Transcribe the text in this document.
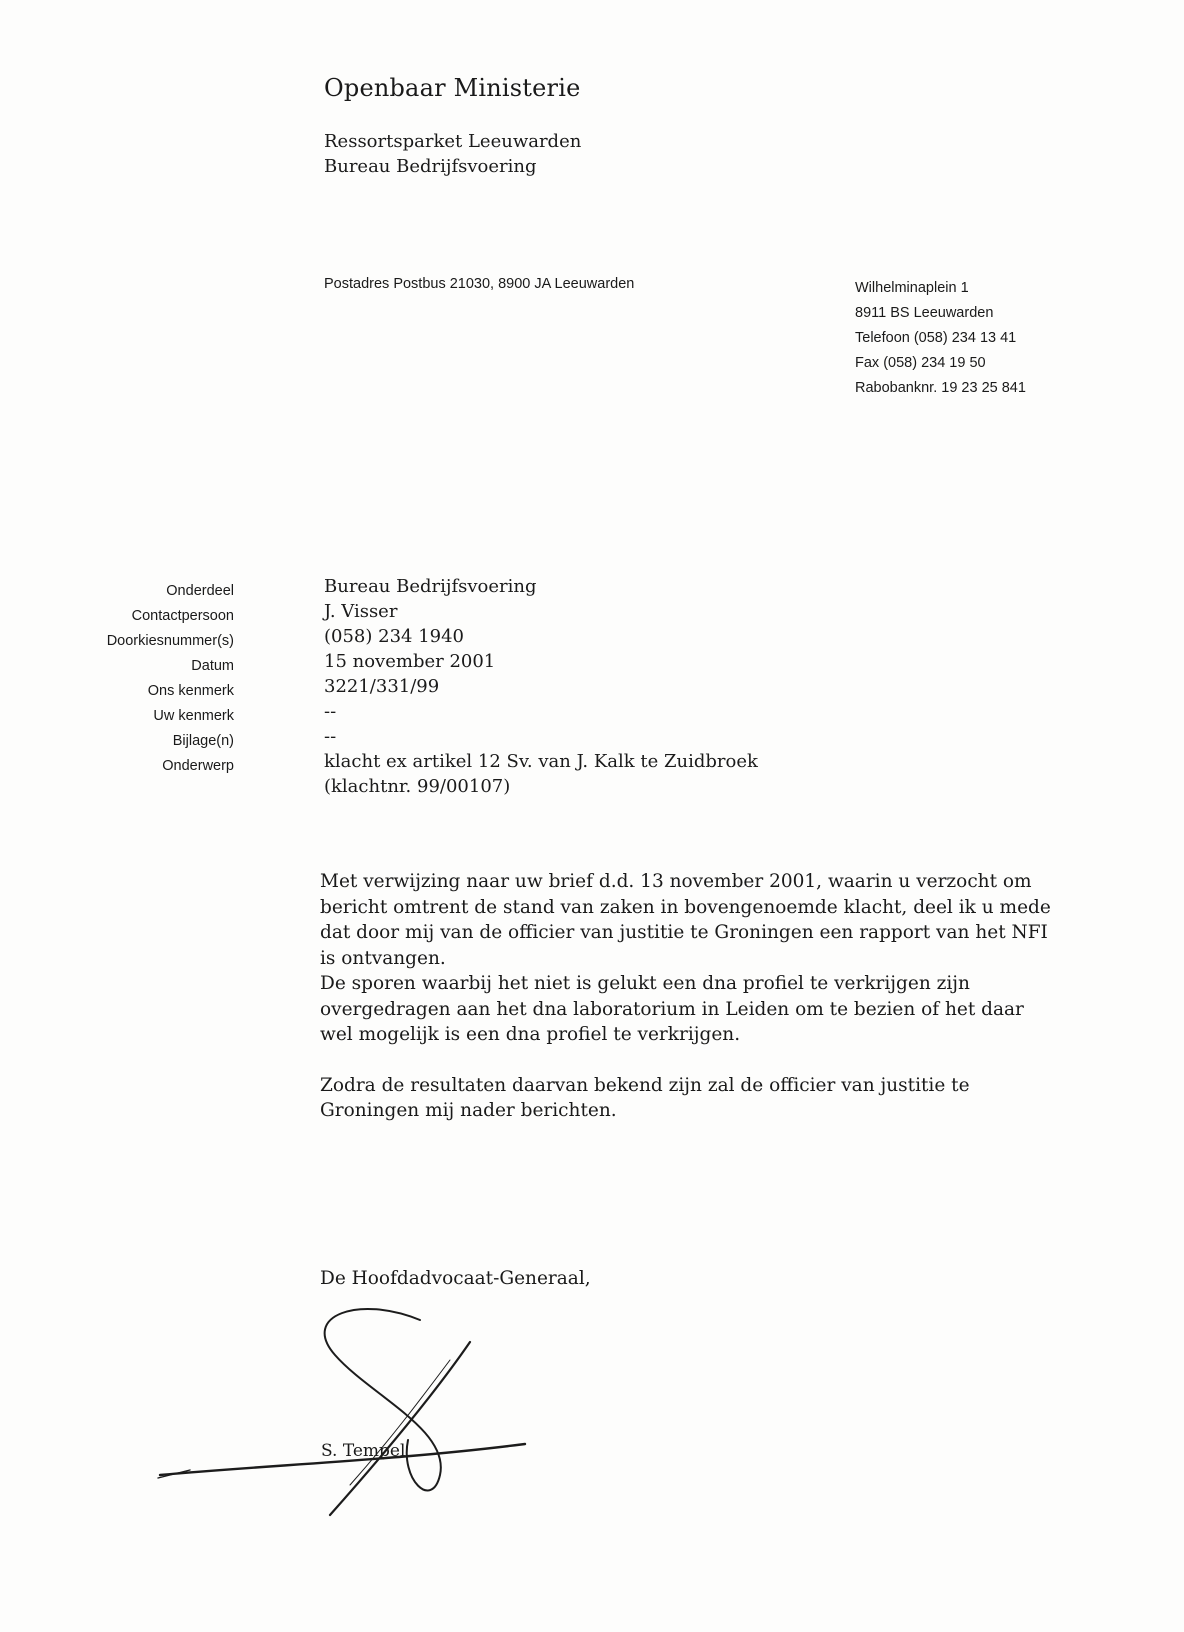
Openbaar Ministerie
Ressortsparket Leeuwarden
Bureau Bedrijfsvoering
Postadres Postbus 21030, 8900 JA Leeuwarden	Wilhelminaplein 1
8911 BS Leeuwarden
Telefoon (058) 234 13 41
Fax (058) 234 19 50
Rabobanknr. 19 23 25 841
Onderdeel
Contactpersoon
Doorkiesnummer(s)
Datum
Ons kenmerk
Uw kenmerk
Bijlage(n)
Onderwerp
Bureau Bedrijfsvoering
J. Visser
(058) 234 1940
15 november 2001
3221/331/99
--
--
klacht ex artikel 12 Sv. van J. Kalk te Zuidbroek
(klachtnr. 99/00107)

Met verwijzing naar uw brief d.d. 13 november 2001, waarin u verzocht om

bericht omtrent de stand van zaken in bovengenoemde klacht, deel ik u mede

dat door mij van de officier van justitie te Groningen een rapport van het NFI

is ontvangen.

De sporen waarbij het niet is gelukt een dna profiel te verkrijgen zijn

overgedragen aan het dna laboratorium in Leiden om te bezien of het daar

wel mogelijk is een dna profiel te verkrijgen.

Zodra de resultaten daarvan bekend zijn zal de officier van justitie te

Groningen mij nader berichten.

De Hoofdadvocaat-Generaal,
S. Tempel
